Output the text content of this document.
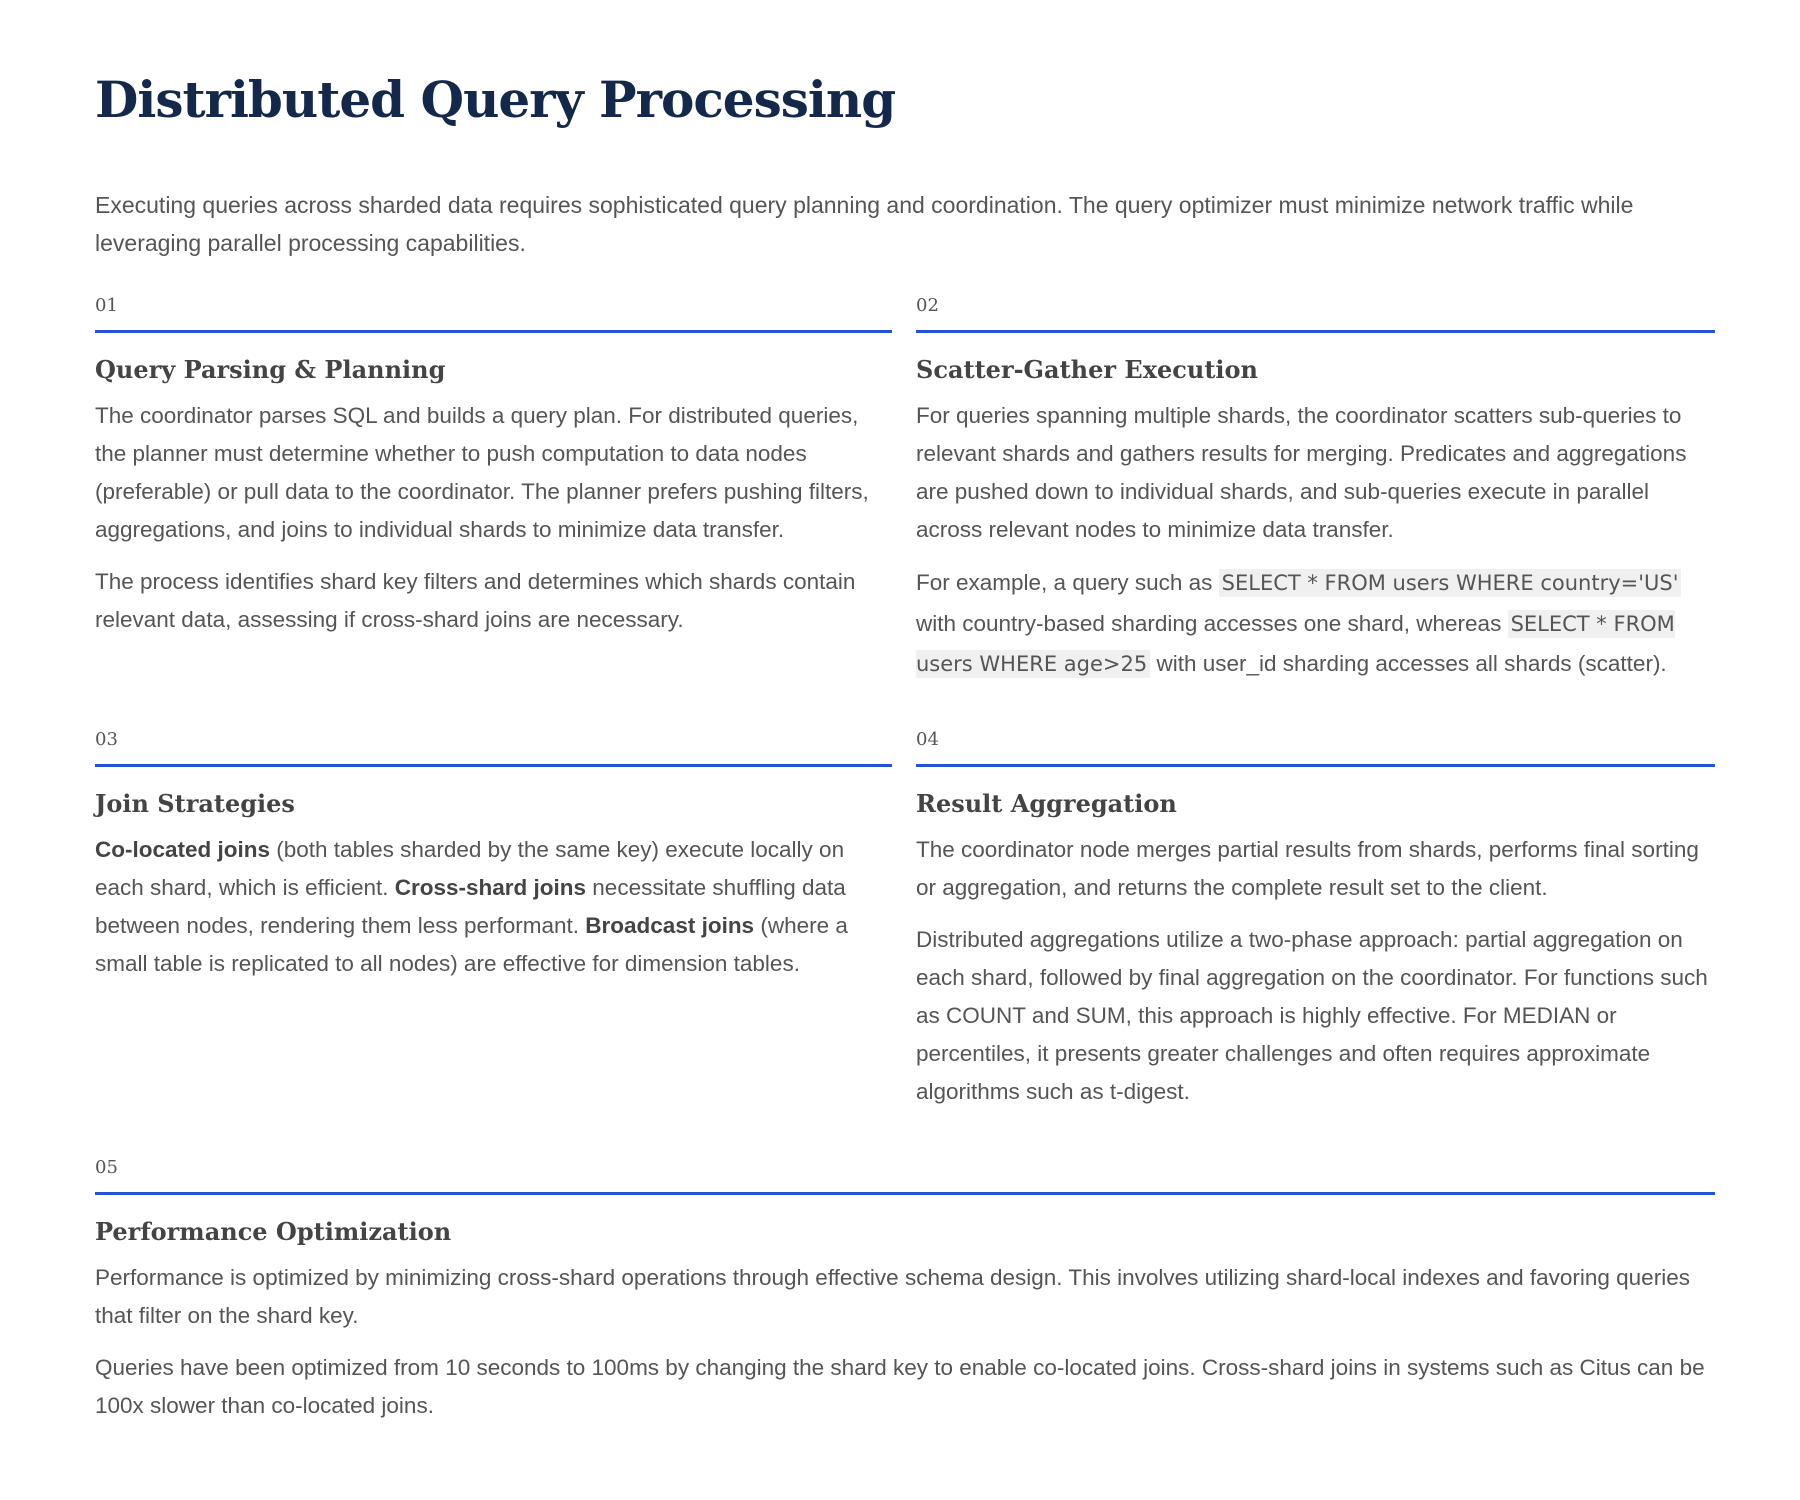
Distributed Query Processing

Executing queries across sharded data requires sophisticated query planning and coordination. The query optimizer must minimize network traffic while leveraging parallel processing capabilities.

01
Query Parsing & Planning

The coordinator parses SQL and builds a query plan. For distributed queries, the planner must determine whether to push computation to data nodes (preferable) or pull data to the coordinator. The planner prefers pushing filters, aggregations, and joins to individual shards to minimize data transfer.

The process identifies shard key filters and determines which shards contain relevant data, assessing if cross-shard joins are necessary.

02
Scatter-Gather Execution

For queries spanning multiple shards, the coordinator scatters sub-queries to relevant shards and gathers results for merging. Predicates and aggregations are pushed down to individual shards, and sub-queries execute in parallel across relevant nodes to minimize data transfer.

For example, a query such as SELECT * FROM users WHERE country='US' with country-based sharding accesses one shard, whereas SELECT * FROM users WHERE age>25 with user_id sharding accesses all shards (scatter).

03
Join Strategies

Co-located joins (both tables sharded by the same key) execute locally on each shard, which is efficient. Cross-shard joins necessitate shuffling data between nodes, rendering them less performant. Broadcast joins (where a small table is replicated to all nodes) are effective for dimension tables.

04
Result Aggregation

The coordinator node merges partial results from shards, performs final sorting or aggregation, and returns the complete result set to the client.

Distributed aggregations utilize a two-phase approach: partial aggregation on each shard, followed by final aggregation on the coordinator. For functions such as COUNT and SUM, this approach is highly effective. For MEDIAN or percentiles, it presents greater challenges and often requires approximate algorithms such as t-digest.

05
Performance Optimization

Performance is optimized by minimizing cross-shard operations through effective schema design. This involves utilizing shard-local indexes and favoring queries that filter on the shard key.

Queries have been optimized from 10 seconds to 100ms by changing the shard key to enable co-located joins. Cross-shard joins in systems such as Citus can be 100x slower than co-located joins.
